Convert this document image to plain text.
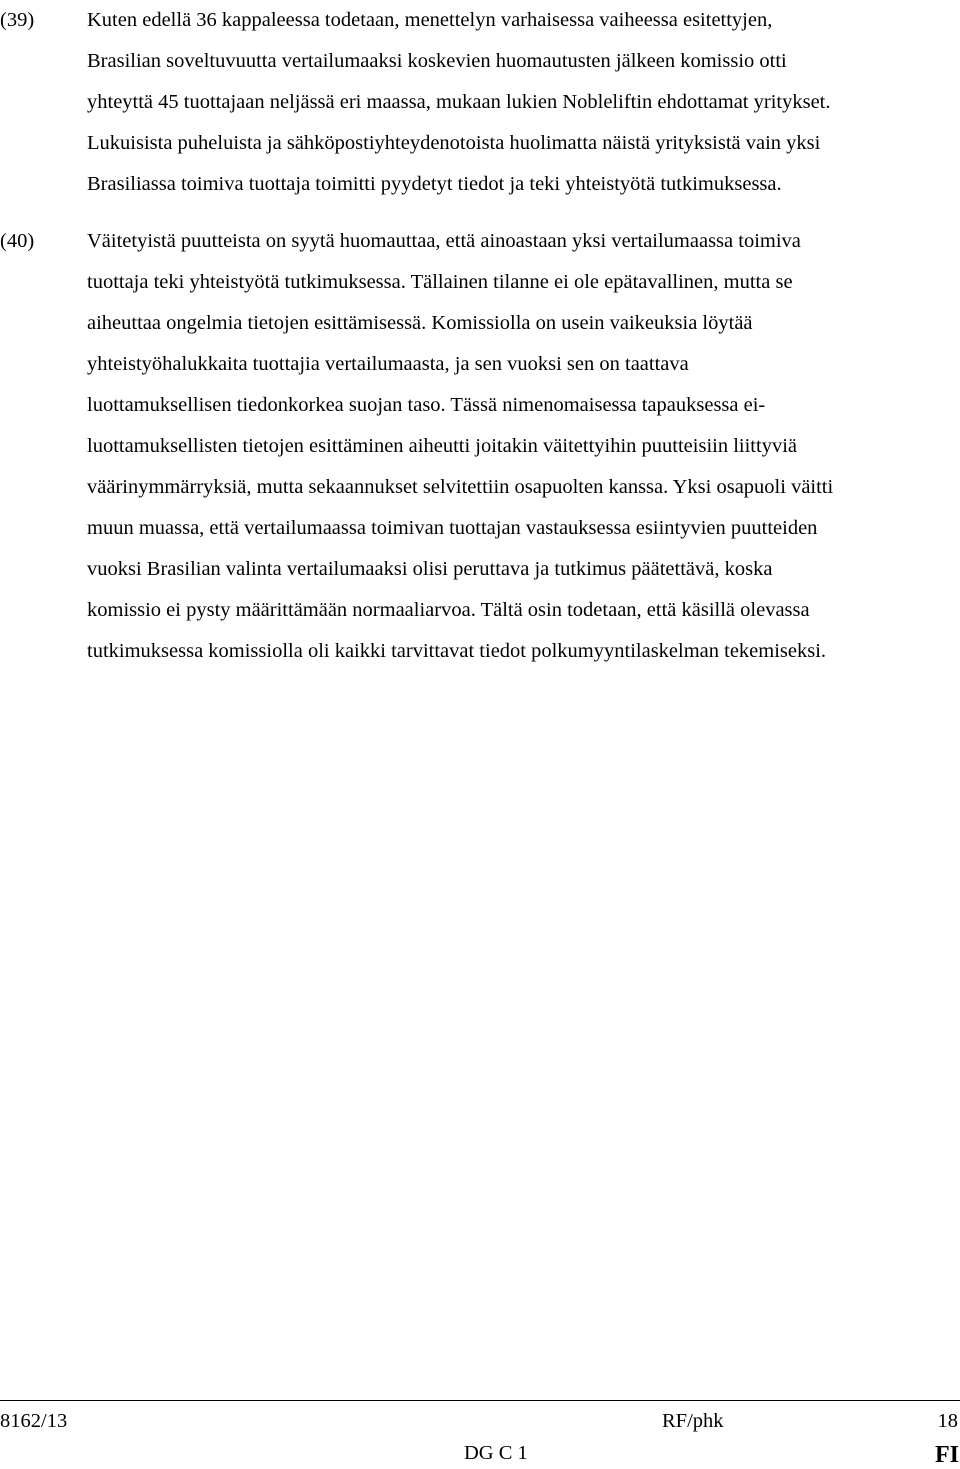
(39)	Kuten edellä 36 kappaleessa todetaan, menettelyn varhaisessa vaiheessa esitettyjen,
Brasilian soveltuvuutta vertailumaaksi koskevien huomautusten jälkeen komissio otti
yhteyttä 45 tuottajaan neljässä eri maassa, mukaan lukien Nobleliftin ehdottamat yritykset.
Lukuisista puheluista ja sähköpostiyhteydenotoista huolimatta näistä yrityksistä vain yksi
Brasiliassa toimiva tuottaja toimitti pyydetyt tiedot ja teki yhteistyötä tutkimuksessa.
(40)	Väitetyistä puutteista on syytä huomauttaa, että ainoastaan yksi vertailumaassa toimiva
tuottaja teki yhteistyötä tutkimuksessa. Tällainen tilanne ei ole epätavallinen, mutta se
aiheuttaa ongelmia tietojen esittämisessä. Komissiolla on usein vaikeuksia löytää
yhteistyöhalukkaita tuottajia vertailumaasta, ja sen vuoksi sen on taattava
luottamuksellisen tiedonkorkea suojan taso. Tässä nimenomaisessa tapauksessa ei-
luottamuksellisten tietojen esittäminen aiheutti joitakin väitettyihin puutteisiin liittyviä
väärinymmärryksiä, mutta sekaannukset selvitettiin osapuolten kanssa. Yksi osapuoli väitti
muun muassa, että vertailumaassa toimivan tuottajan vastauksessa esiintyvien puutteiden
vuoksi Brasilian valinta vertailumaaksi olisi peruttava ja tutkimus päätettävä, koska
komissio ei pysty määrittämään normaaliarvoa. Tältä osin todetaan, että käsillä olevassa
tutkimuksessa komissiolla oli kaikki tarvittavat tiedot polkumyyntilaskelman tekemiseksi.
8162/13	RF/phk	18
DG C 1	FI
